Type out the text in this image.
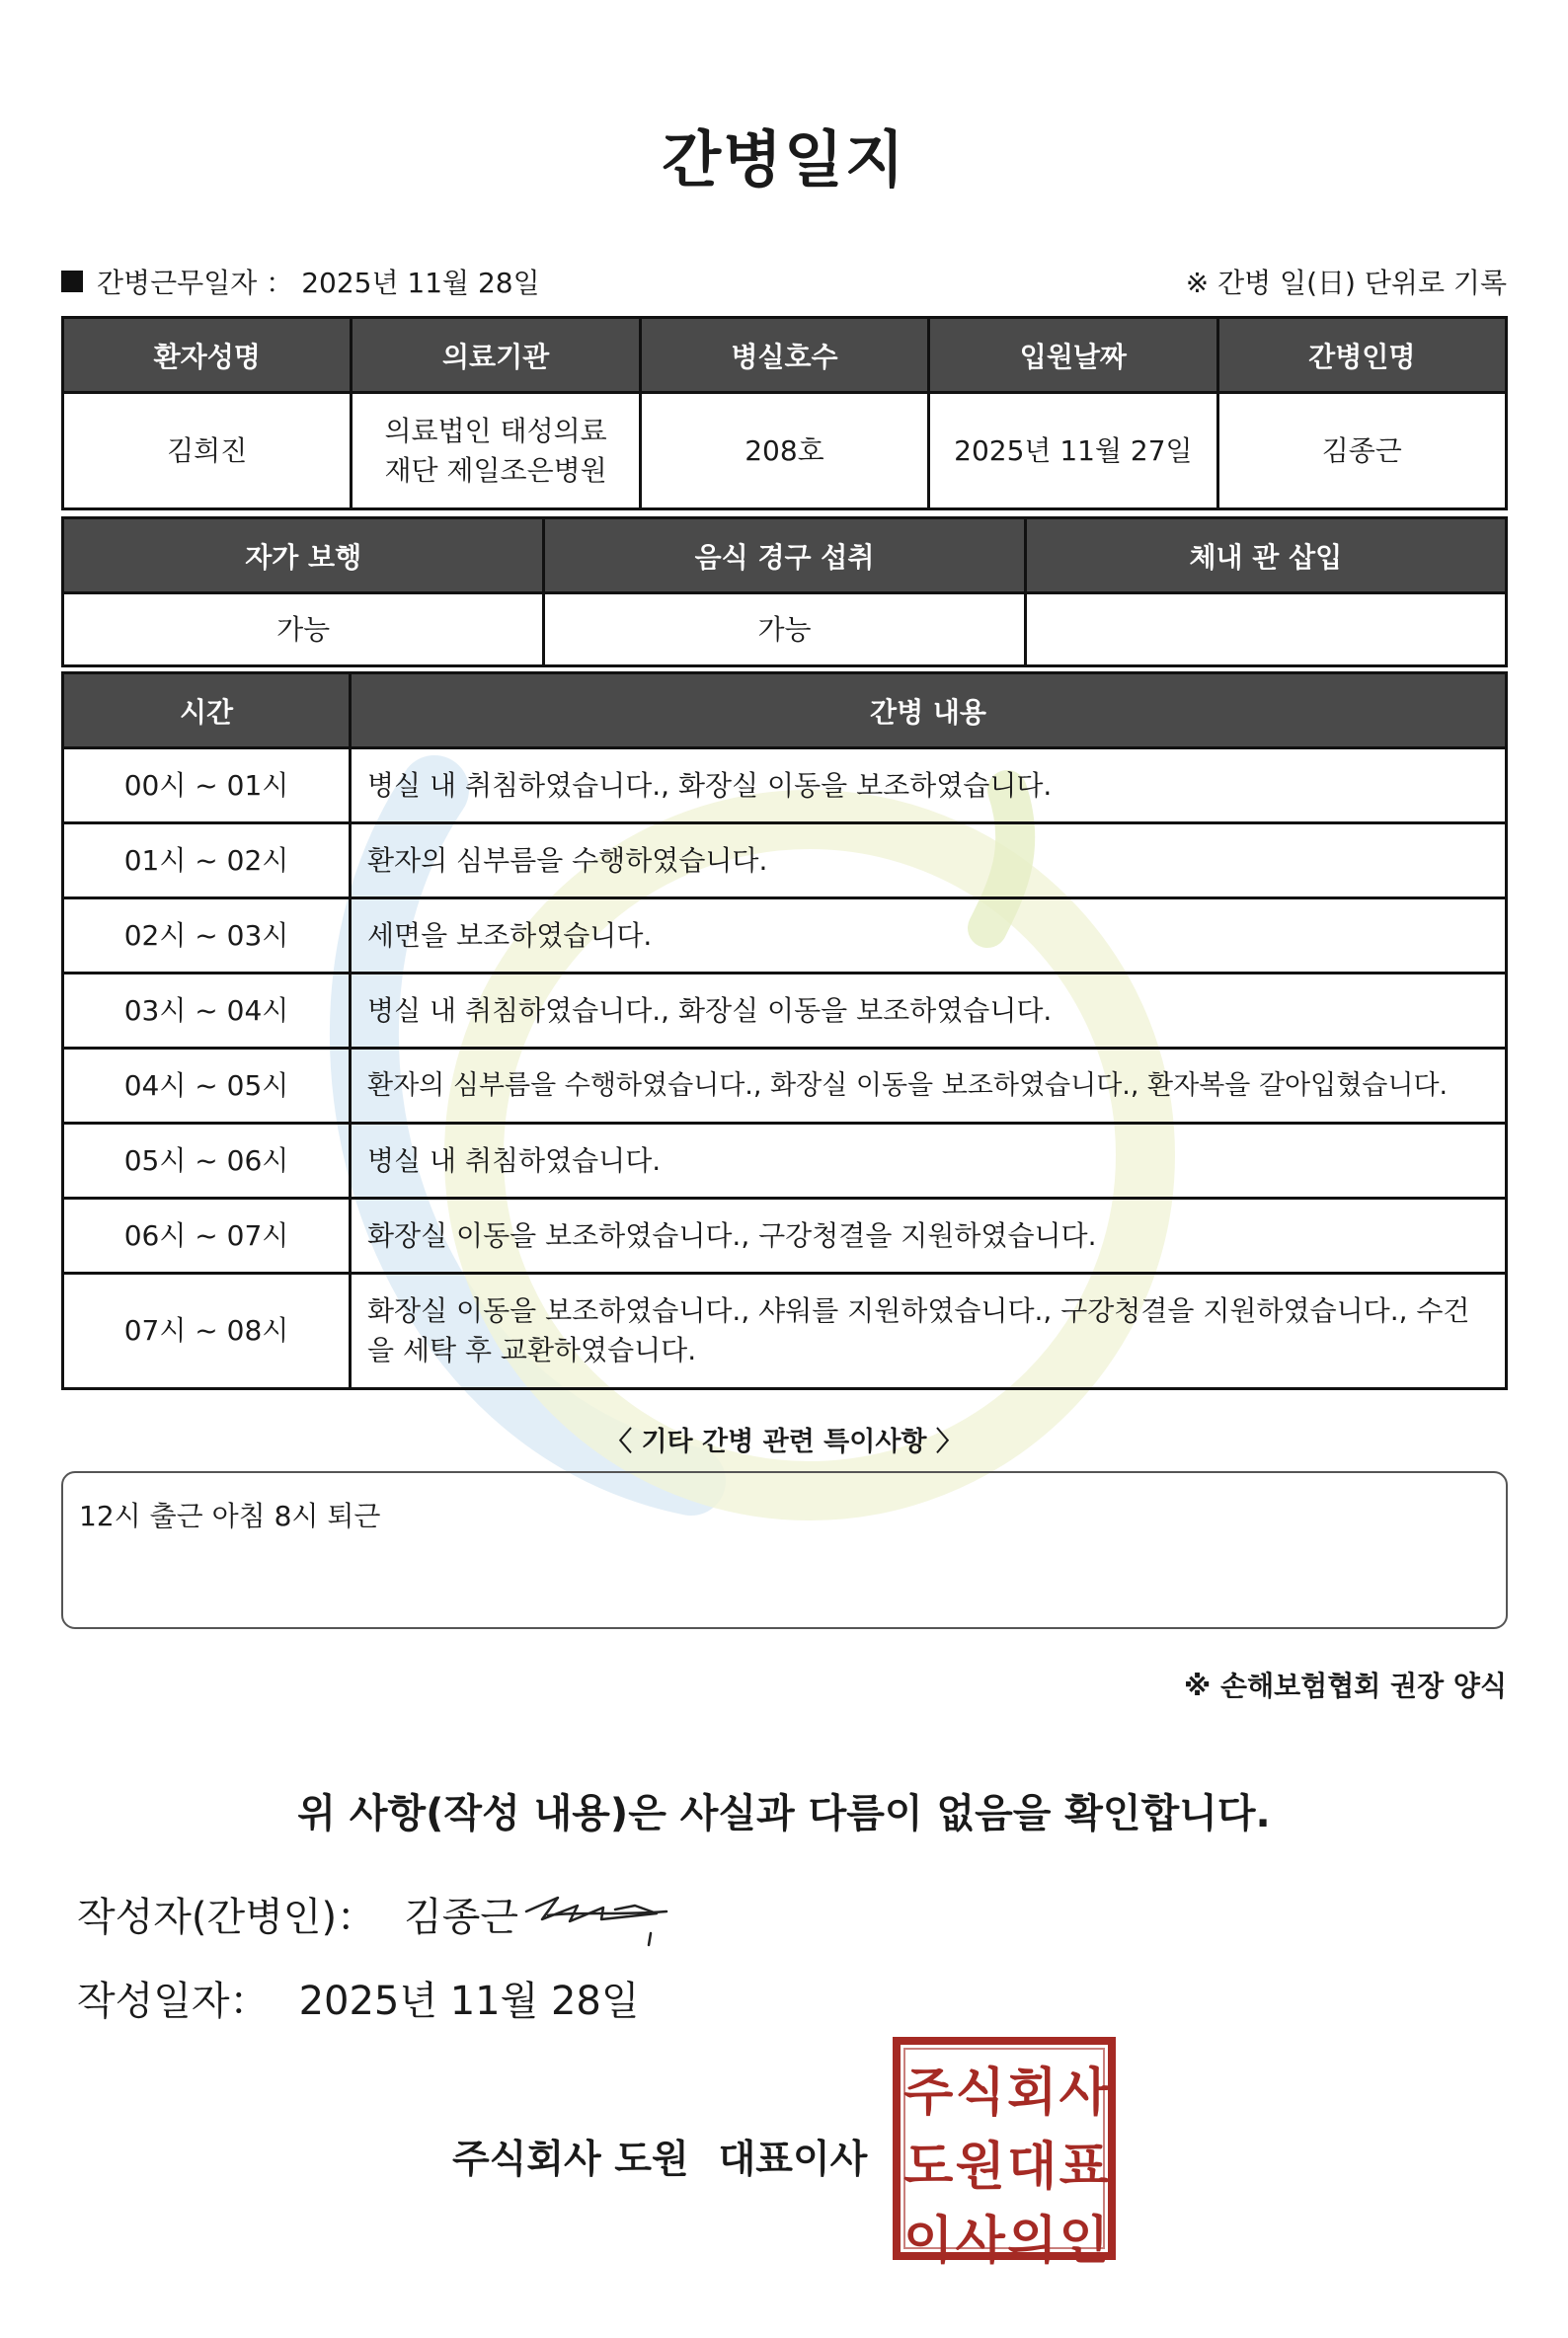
간병일지
간병근무일자 ： 2025년 11월 28일	※ 간병 일(日) 단위로 기록
환자성명	의료기관	병실호수	입원날짜	간병인명
김희진	의료법인 태성의료재단 제일조은병원	208호	2025년 11월 27일	김종근
자가 보행	음식 경구 섭취	체내 관 삽입
가능	가능	
시간	간병 내용
00시 ~ 01시	병실 내 취침하였습니다., 화장실 이동을 보조하였습니다.
01시 ~ 02시	환자의 심부름을 수행하였습니다.
02시 ~ 03시	세면을 보조하였습니다.
03시 ~ 04시	병실 내 취침하였습니다., 화장실 이동을 보조하였습니다.
04시 ~ 05시	환자의 심부름을 수행하였습니다., 화장실 이동을 보조하였습니다., 환자복을 갈아입혔습니다.
05시 ~ 06시	병실 내 취침하였습니다.
06시 ~ 07시	화장실 이동을 보조하였습니다., 구강청결을 지원하였습니다.
07시 ~ 08시	화장실 이동을 보조하였습니다., 샤워를 지원하였습니다., 구강청결을 지원하였습니다., 수건을 세탁 후 교환하였습니다.
〈 기타 간병 관련 특이사항 〉
12시 출근 아침 8시 퇴근
※ 손해보험협회 권장 양식
위 사항(작성 내용)은 사실과 다름이 없음을 확인합니다.
작성자(간병인)： 김종근
작성일자： 2025년 11월 28일
주식회사 도원 대표이사
주 식 회 사
도 원 대 표
이 사 의 인
